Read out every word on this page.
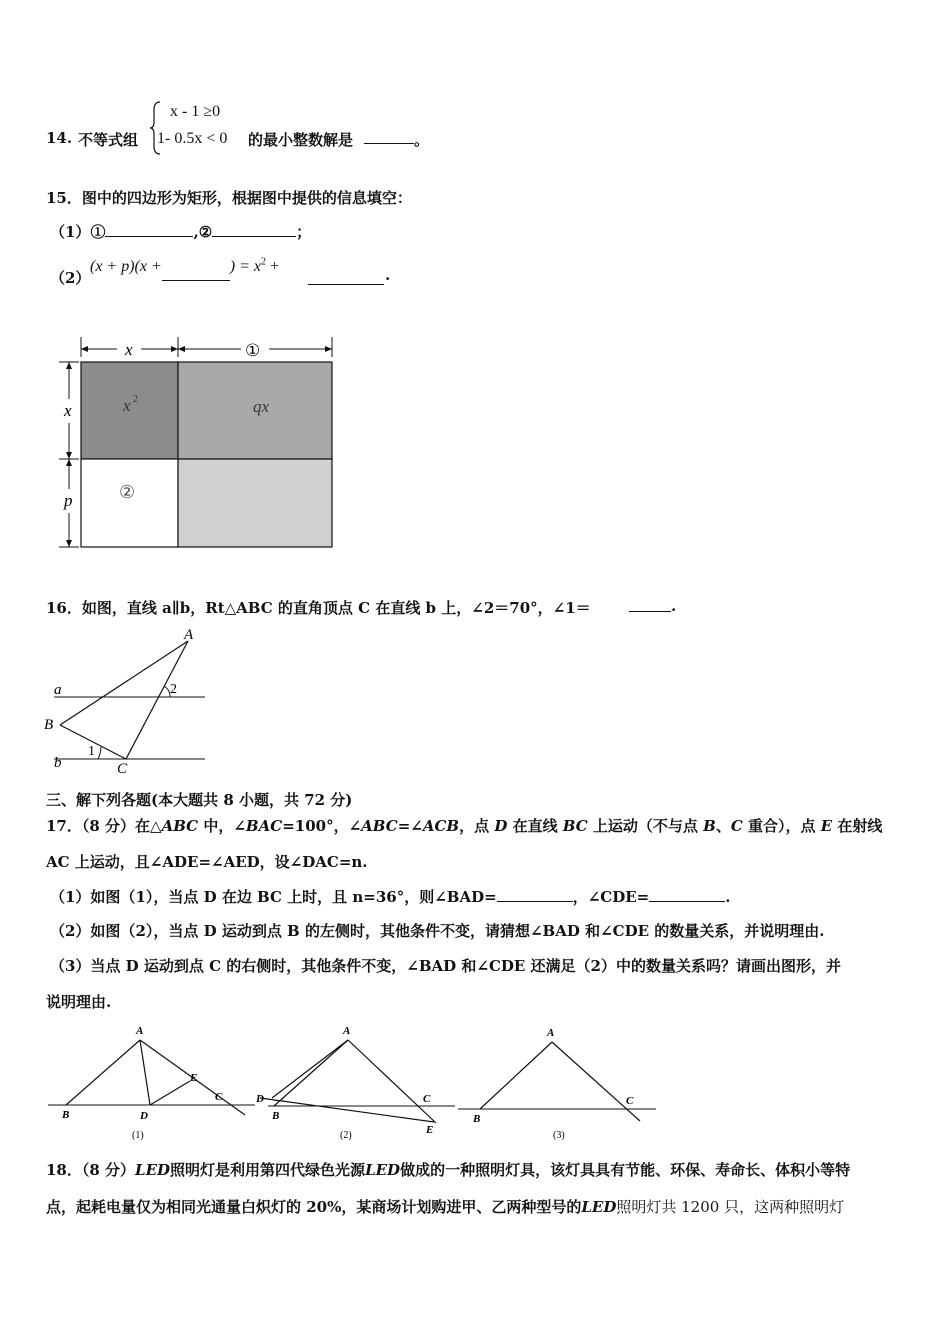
14. 不等式组
x - 1 ≥0
1- 0.5x < 0 的最小整数解是	。
15．图中的四边形为矩形，根据图中提供的信息填空：
（1）①	,②	；
（2）
(x + p)(x +	) = $x^2$ +	.
x	①
x
p
x 2	qx
②
16．如图，直线 a∥b，Rt△ABC 的直角顶点 C 在直线 b 上，∠2＝70°，∠1＝	.
A
a	2
B
1
b	C
三、解下列各题(本大题共 8 小题，共 72 分)
17．（8 分）在△ABC 中，∠BAC=100°，∠ABC=∠ACB，点 D 在直线 BC 上运动（不与点 B、C 重合），点 E 在射线
AC 上运动，且∠ADE=∠AED，设∠DAC=n.
（1）如图（1），当点 D 在边 BC 上时，且 n=36°，则∠BAD=	，∠CDE=	.
（2）如图（2），当点 D 运动到点 B 的左侧时，其他条件不变，请猜想∠BAD 和∠CDE 的数量关系，并说明理由.
（3）当点 D 运动到点 C 的右侧时，其他条件不变，∠BAD 和∠CDE 还满足（2）中的数量关系吗？请画出图形，并
说明理由.
A
B	D
E
C
(1)
A
D
B
C
E
(2)
A
B
C
(3)
18．（8 分）LED照明灯是利用第四代绿色光源LED做成的一种照明灯具，该灯具具有节能、环保、寿命长、体积小等特
点，起耗电量仅为相同光通量白炽灯的 20%，某商场计划购进甲、乙两种型号的LED照明灯共 1200 只，这两种照明灯
